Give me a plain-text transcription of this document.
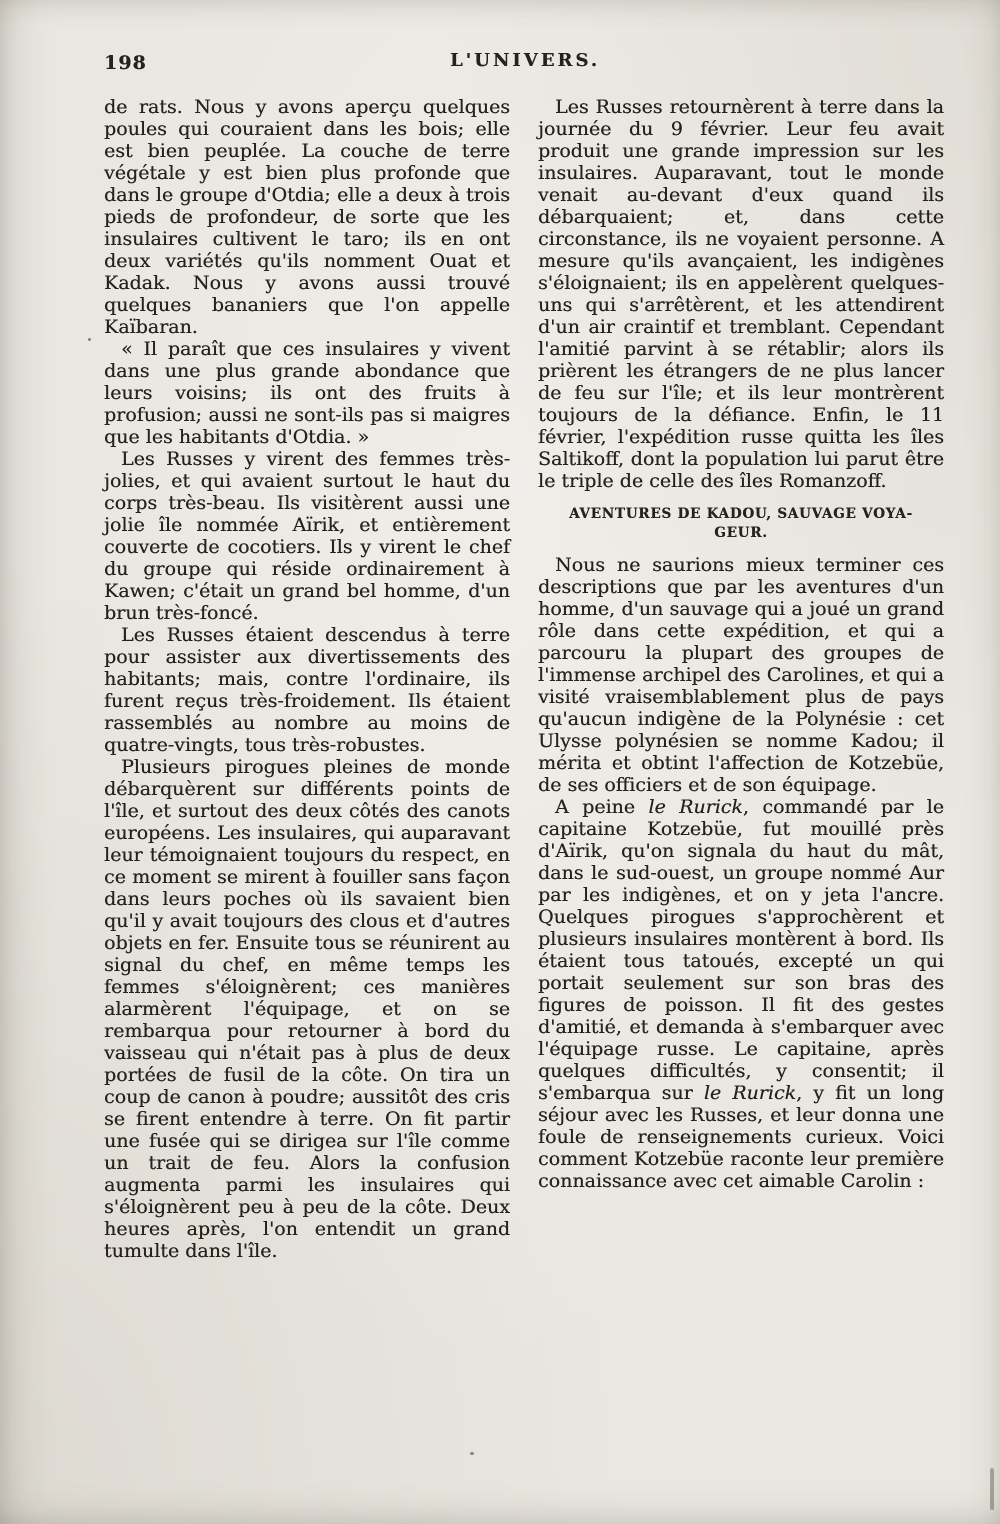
198	L'UNIVERS.

de rats. Nous y avons aperçu quelques poules qui couraient dans les bois; elle est bien peuplée. La couche de terre végétale y est bien plus profonde que dans le groupe d'Otdia; elle a deux à trois pieds de profondeur, de sorte que les insulaires cultivent le taro; ils en ont deux variétés qu'ils nomment Ouat et Kadak. Nous y avons aussi trouvé quelques bananiers que l'on appelle Kaïbaran.

« Il paraît que ces insulaires y vivent dans une plus grande abondance que leurs voisins; ils ont des fruits à profusion; aussi ne sont-ils pas si maigres que les habitants d'Otdia. »

Les Russes y virent des femmes très-jolies, et qui avaient surtout le haut du corps très-beau. Ils visitèrent aussi une jolie île nommée Aïrik, et entièrement couverte de cocotiers. Ils y virent le chef du groupe qui réside ordinairement à Kawen; c'était un grand bel homme, d'un brun très-foncé.

Les Russes étaient descendus à terre pour assister aux divertissements des habitants; mais, contre l'ordinaire, ils furent reçus très-froidement. Ils étaient rassemblés au nombre au moins de quatre-vingts, tous très-robustes.

Plusieurs pirogues pleines de monde débarquèrent sur différents points de l'île, et surtout des deux côtés des canots européens. Les insulaires, qui auparavant leur témoignaient toujours du respect, en ce moment se mirent à fouiller sans façon dans leurs poches où ils savaient bien qu'il y avait toujours des clous et d'autres objets en fer. Ensuite tous se réunirent au signal du chef, en même temps les femmes s'éloignèrent; ces manières alarmèrent l'équipage, et on se rembarqua pour retourner à bord du vaisseau qui n'était pas à plus de deux portées de fusil de la côte. On tira un coup de canon à poudre; aussitôt des cris se firent entendre à terre. On fit partir une fusée qui se dirigea sur l'île comme un trait de feu. Alors la confusion augmenta parmi les insulaires qui s'éloignèrent peu à peu de la côte. Deux heures après, l'on entendit un grand tumulte dans l'île.

Les Russes retournèrent à terre dans la journée du 9 février. Leur feu avait produit une grande impression sur les insulaires. Auparavant, tout le monde venait au-devant d'eux quand ils débarquaient; et, dans cette circonstance, ils ne voyaient personne. A mesure qu'ils avançaient, les indigènes s'éloignaient; ils en appelèrent quelques-uns qui s'arrêtèrent, et les attendirent d'un air craintif et tremblant. Cependant l'amitié parvint à se rétablir; alors ils prièrent les étrangers de ne plus lancer de feu sur l'île; et ils leur montrèrent toujours de la défiance. Enfin, le 11 février, l'expédition russe quitta les îles Saltikoff, dont la population lui parut être le triple de celle des îles Romanzoff.

AVENTURES DE KADOU, SAUVAGE VOYA-
GEUR.

Nous ne saurions mieux terminer ces descriptions que par les aventures d'un homme, d'un sauvage qui a joué un grand rôle dans cette expédition, et qui a parcouru la plupart des groupes de l'immense archipel des Carolines, et qui a visité vraisemblablement plus de pays qu'aucun indigène de la Polynésie : cet Ulysse polynésien se nomme Kadou; il mérita et obtint l'affection de Kotzebüe, de ses officiers et de son équipage.

A peine le Rurick, commandé par le capitaine Kotzebüe, fut mouillé près d'Aïrik, qu'on signala du haut du mât, dans le sud-ouest, un groupe nommé Aur par les indigènes, et on y jeta l'ancre. Quelques pirogues s'approchèrent et plusieurs insulaires montèrent à bord. Ils étaient tous tatoués, excepté un qui portait seulement sur son bras des figures de poisson. Il fit des gestes d'amitié, et demanda à s'embarquer avec l'équipage russe. Le capitaine, après quelques difficultés, y consentit; il s'embarqua sur le Rurick, y fit un long séjour avec les Russes, et leur donna une foule de renseignements curieux. Voici comment Kotzebüe raconte leur première connaissance avec cet aimable Carolin :
